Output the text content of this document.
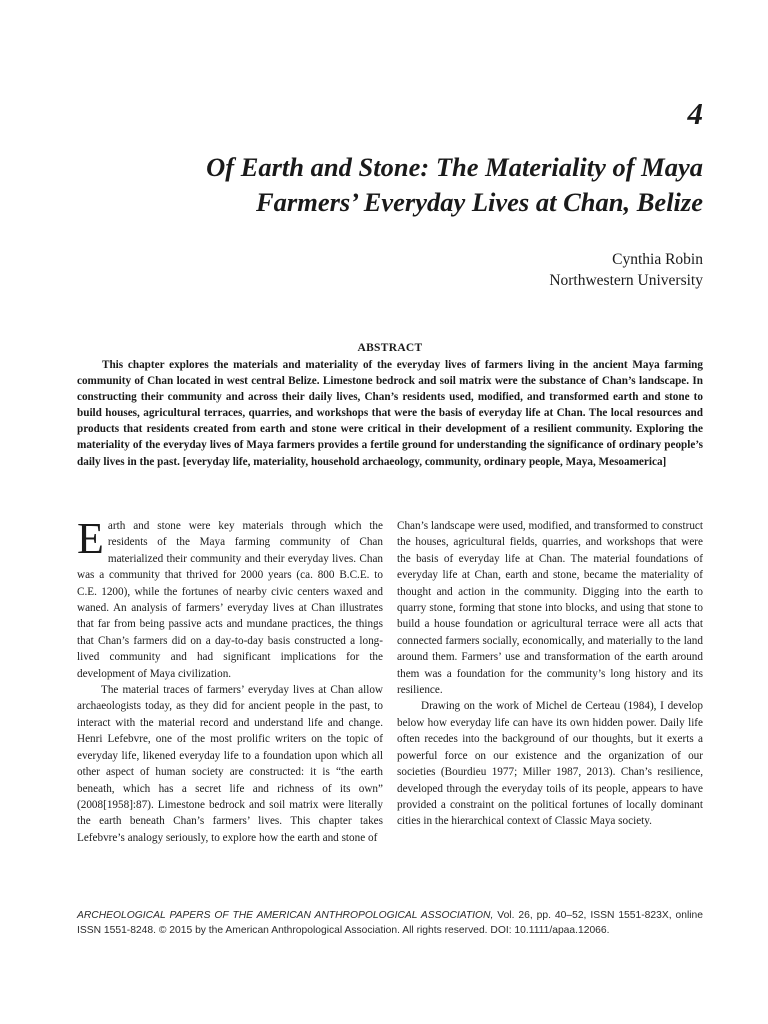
4
Of Earth and Stone: The Materiality of Maya
Farmers’ Everyday Lives at Chan, Belize
Cynthia Robin
Northwestern University
ABSTRACT

This chapter explores the materials and materiality of the everyday lives of farmers living in the ancient Maya farming community of Chan located in west central Belize. Limestone bedrock and soil matrix were the substance of Chan’s landscape. In constructing their community and across their daily lives, Chan’s residents used, modified, and transformed earth and stone to build houses, agricultural terraces, quarries, and workshops that were the basis of everyday life at Chan. The local resources and products that residents created from earth and stone were critical in their development of a resilient community. Exploring the materiality of the everyday lives of Maya farmers provides a fertile ground for understanding the significance of ordinary people’s daily lives in the past. [everyday life, materiality, household archaeology, community, ordinary people, Maya, Mesoamerica]

Earth and stone were key materials through which the residents of the Maya farming community of Chan materialized their community and their everyday lives. Chan was a community that thrived for 2000 years (ca. 800 B.C.E. to C.E. 1200), while the fortunes of nearby civic centers waxed and waned. An analysis of farmers’ everyday lives at Chan illustrates that far from being passive acts and mundane practices, the things that Chan’s farmers did on a day-to-day basis constructed a long-lived community and had significant implications for the development of Maya civilization.

The material traces of farmers’ everyday lives at Chan allow archaeologists today, as they did for ancient people in the past, to interact with the material record and understand life and change. Henri Lefebvre, one of the most prolific writers on the topic of everyday life, likened everyday life to a foundation upon which all other aspect of human society are constructed: it is “the earth beneath, which has a secret life and richness of its own” (2008[1958]:87). Limestone bedrock and soil matrix were literally the earth beneath Chan’s farmers’ lives. This chapter takes Lefebvre’s analogy seriously, to explore how the earth and stone of

Chan’s landscape were used, modified, and transformed to construct the houses, agricultural fields, quarries, and workshops that were the basis of everyday life at Chan. The material foundations of everyday life at Chan, earth and stone, became the materiality of thought and action in the community. Digging into the earth to quarry stone, forming that stone into blocks, and using that stone to build a house foundation or agricultural terrace were all acts that connected farmers socially, economically, and materially to the land around them. Farmers’ use and transformation of the earth around them was a foundation for the community’s long history and its resilience.

Drawing on the work of Michel de Certeau (1984), I develop below how everyday life can have its own hidden power. Daily life often recedes into the background of our thoughts, but it exerts a powerful force on our existence and the organization of our societies (Bourdieu 1977; Miller 1987, 2013). Chan’s resilience, developed through the everyday toils of its people, appears to have provided a constraint on the political fortunes of locally dominant cities in the hierarchical context of Classic Maya society.

ARCHEOLOGICAL PAPERS OF THE AMERICAN ANTHROPOLOGICAL ASSOCIATION, Vol. 26, pp. 40–52, ISSN 1551-823X, online ISSN 1551-8248. © 2015 by the American Anthropological Association. All rights reserved. DOI: 10.1111/apaa.12066.
